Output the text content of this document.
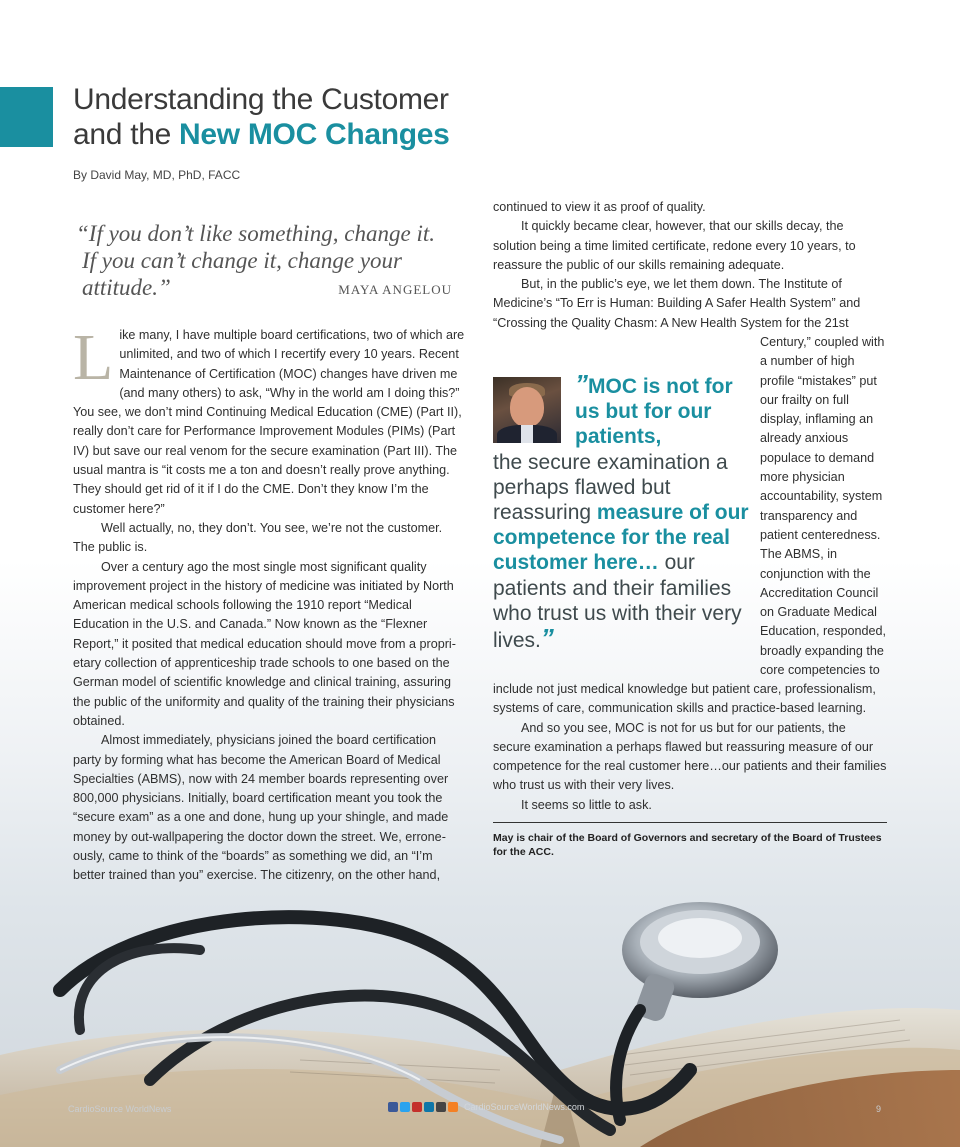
Understanding the Customer
and the New MOC Changes
By David May, MD, PhD, FACC
“If you don’t like something, change it.
If you can’t change it, change your attitude.”	MAYA ANGELOU

Like many, I have multiple board certifications, two of which are unlimited, and two of which I recertify every 10 years. Recent Maintenance of Certification (MOC) changes have driven me (and many others) to ask, “Why in the world am I doing this?” You see, we don’t mind Continuing Medical Education (CME) (Part II), really don’t care for Performance Improvement Modules (PIMs) (Part IV) but save our real venom for the secure examination (Part III). The usual mantra is “it costs me a ton and doesn’t really prove anything. They should get rid of it if I do the CME. Don’t they know I’m the customer here?”

Well actually, no, they don’t. You see, we’re not the customer. The public is.

Over a century ago the most single most significant quality improvement project in the history of medicine was initiated by North American medical schools following the 1910 report “Medical Education in the U.S. and Canada.” Now known as the “Flexner Report,” it posited that medical education should move from a proprietary collection of apprenticeship trade schools to one based on the German model of scientific knowledge and clinical training, assuring the public of the uniformity and quality of the training their physicians obtained.

Almost immediately, physicians joined the board certification party by forming what has become the American Board of Medical Specialties (ABMS), now with 24 member boards representing over 800,000 physicians. Initially, board certification meant you took the “secure exam” as a one and done, hung up your shingle, and made money by out-wallpapering the doctor down the street. We, erroneously, came to think of the “boards” as something we did, an “I’m better trained than you” exercise. The citizenry, on the other hand,

continued to view it as proof of quality.

It quickly became clear, however, that our skills decay, the solution being a time limited certificate, redone every 10 years, to reassure the public of our skills remaining adequate.

But, in the public’s eye, we let them down. The Institute of Medicine’s “To Err is Human: Building A Safer Health System” and “Crossing the Quality Chasm: A New Health System for the 21st

”MOC is not for us but for our patients,
the secure examination a perhaps flawed but reassuring measure of our competence for the real customer here… our patients and their families who trust us with their very lives.”

Century,” coupled with a number of high profile “mistakes” put our frailty on full display, inflaming an already anxious populace to demand more physician accountability, system transparency and patient centeredness. The ABMS, in conjunction with the Accreditation Council on Graduate Medical Education, responded, broadly expanding the core competencies to

include not just medical knowledge but patient care, professionalism, systems of care, communication skills and practice-based learning.

And so you see, MOC is not for us but for our patients, the secure examination a perhaps flawed but reassuring measure of our competence for the real customer here…our patients and their families who trust us with their very lives.

It seems so little to ask.

May is chair of the Board of Governors and secretary of the Board of Trustees for the ACC.
CardioSource WorldNews	CardioSourceWorldNews.com	9
